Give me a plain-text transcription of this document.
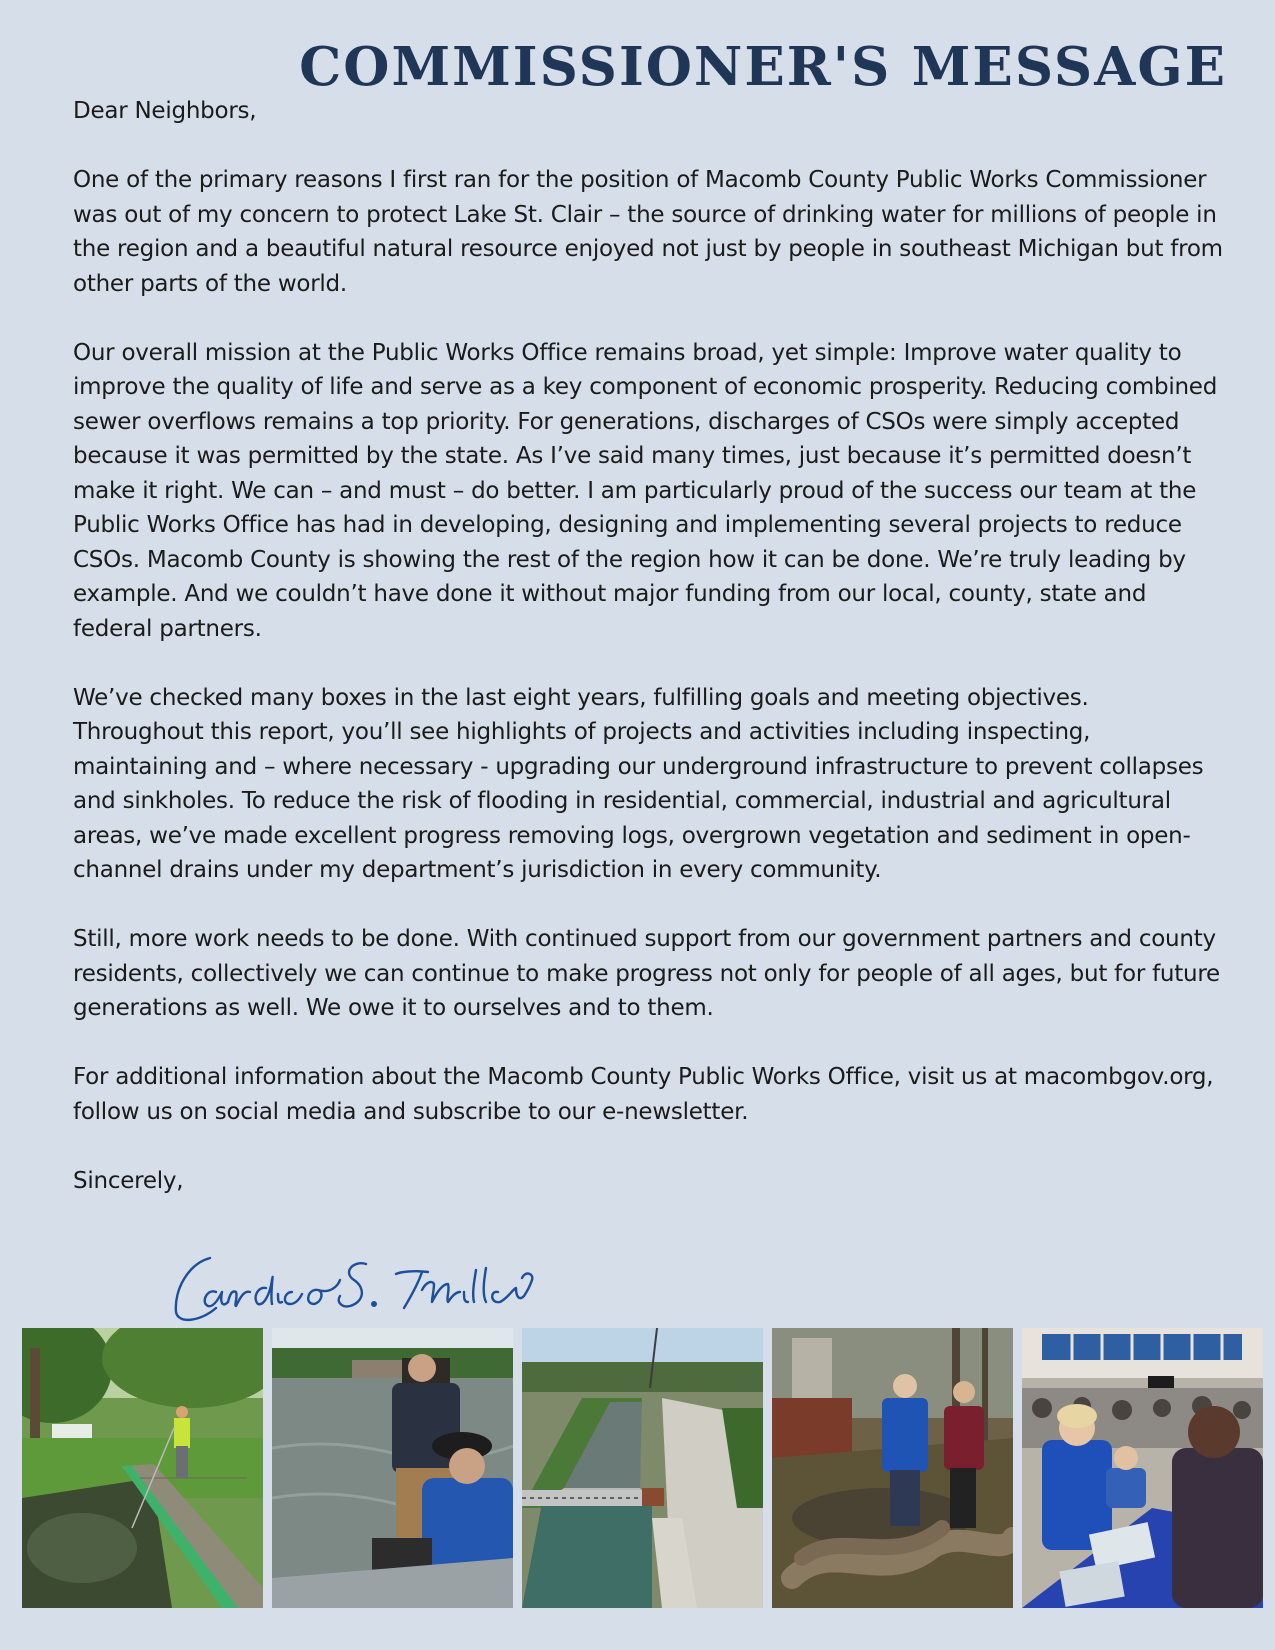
COMMISSIONER'S MESSAGE

Dear Neighbors,

One of the primary reasons I first ran for the position of Macomb County Public Works Commissioner was out of my concern to protect Lake St. Clair – the source of drinking water for millions of people in the region and a beautiful natural resource enjoyed not just by people in southeast Michigan but from other parts of the world.

Our overall mission at the Public Works Office remains broad, yet simple: Improve water quality to improve the quality of life and serve as a key component of economic prosperity. Reducing combined sewer overflows remains a top priority. For generations, discharges of CSOs were simply accepted because it was permitted by the state. As I’ve said many times, just because it’s permitted doesn’t make it right. We can – and must – do better. I am particularly proud of the success our team at the Public Works Office has had in developing, designing and implementing several projects to reduce CSOs. Macomb County is showing the rest of the region how it can be done. We’re truly leading by example. And we couldn’t have done it without major funding from our local, county, state and federal partners.

We’ve checked many boxes in the last eight years, fulfilling goals and meeting objectives. Throughout this report, you’ll see highlights of projects and activities including inspecting, maintaining and – where necessary - upgrading our underground infrastructure to prevent collapses and sinkholes. To reduce the risk of flooding in residential, commercial, industrial and agricultural areas, we’ve made excellent progress removing logs, overgrown vegetation and sediment in open-channel drains under my department’s jurisdiction in every community.

Still, more work needs to be done. With continued support from our government partners and county residents, collectively we can continue to make progress not only for people of all ages, but for future generations as well. We owe it to ourselves and to them.

For additional information about the Macomb County Public Works Office, visit us at macombgov.org, follow us on social media and subscribe to our e-newsletter.

Sincerely,
